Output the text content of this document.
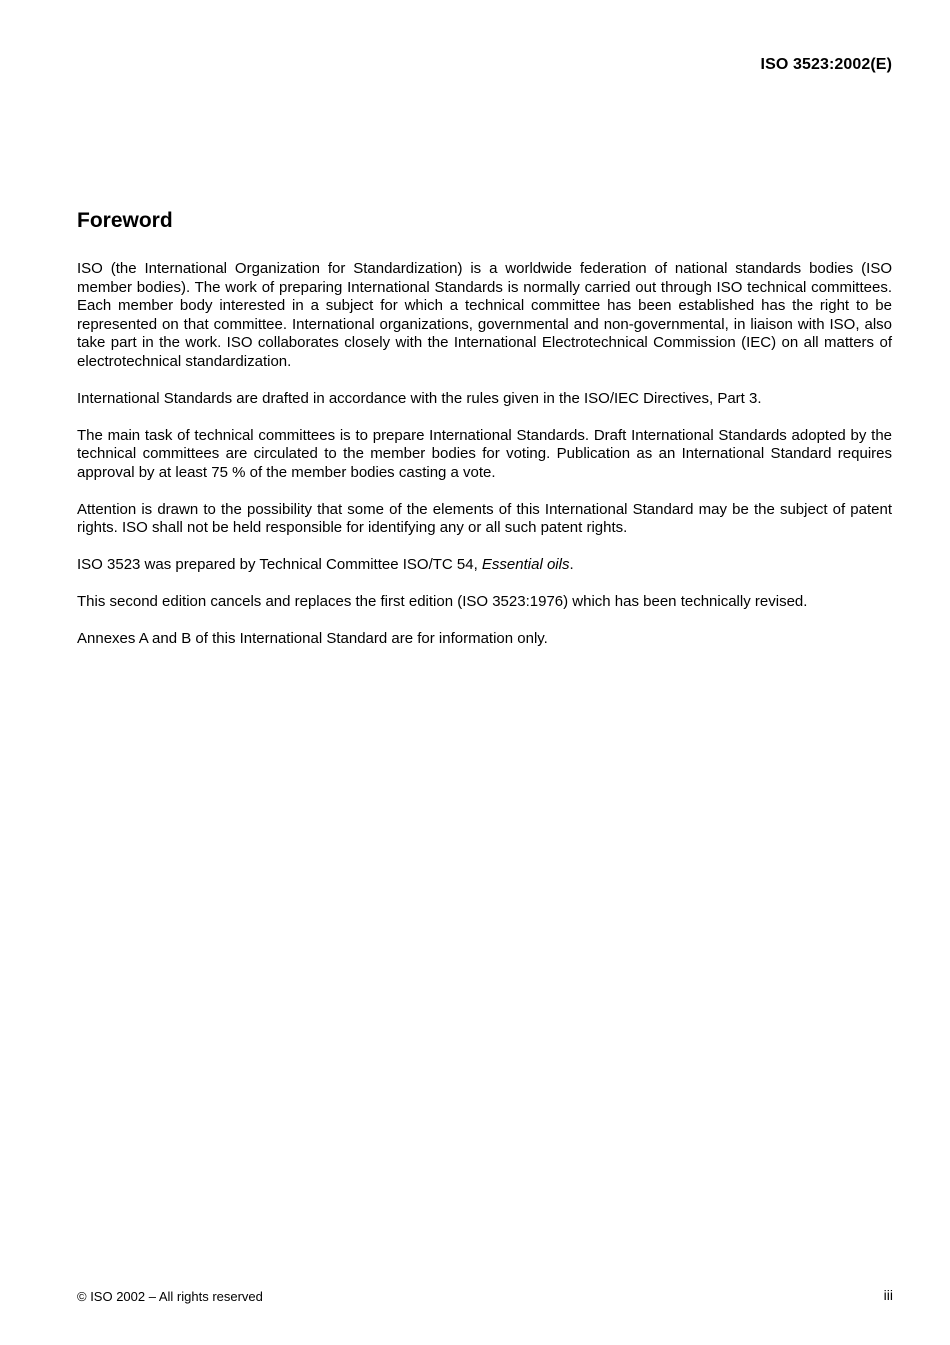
ISO 3523:2002(E)
Foreword

ISO (the International Organization for Standardization) is a worldwide federation of national standards bodies (ISO member bodies). The work of preparing International Standards is normally carried out through ISO technical committees. Each member body interested in a subject for which a technical committee has been established has the right to be represented on that committee. International organizations, governmental and non-governmental, in liaison with ISO, also take part in the work. ISO collaborates closely with the International Electrotechnical Commission (IEC) on all matters of electrotechnical standardization.

International Standards are drafted in accordance with the rules given in the ISO/IEC Directives, Part 3.

The main task of technical committees is to prepare International Standards. Draft International Standards adopted by the technical committees are circulated to the member bodies for voting. Publication as an International Standard requires approval by at least 75 % of the member bodies casting a vote.

Attention is drawn to the possibility that some of the elements of this International Standard may be the subject of patent rights. ISO shall not be held responsible for identifying any or all such patent rights.

ISO 3523 was prepared by Technical Committee ISO/TC 54, Essential oils.

This second edition cancels and replaces the first edition (ISO 3523:1976) which has been technically revised.

Annexes A and B of this International Standard are for information only.

© ISO 2002 – All rights reserved	iii
